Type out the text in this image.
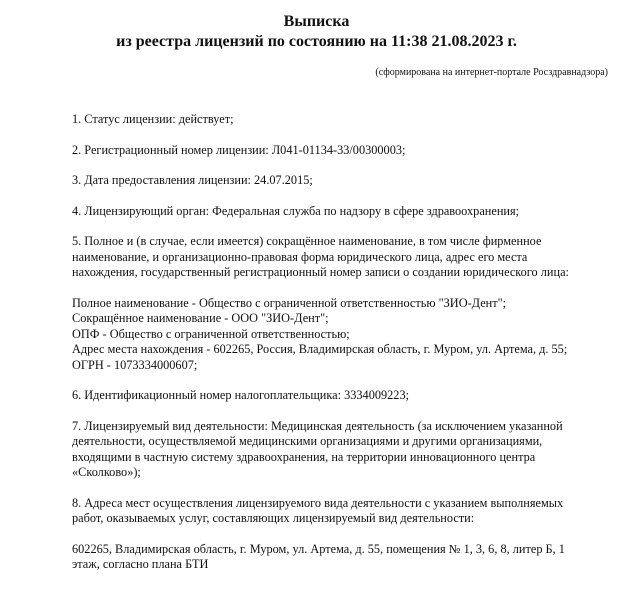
Выписка
из реестра лицензий по состоянию на 11:38 21.08.2023 г.
(сформирована на интернет-портале Росздравнадзора)

1. Статус лицензии: действует;

2. Регистрационный номер лицензии: Л041-01134-33/00300003;

3. Дата предоставления лицензии: 24.07.2015;

4. Лицензирующий орган: Федеральная служба по надзору в сфере здравоохранения;

5. Полное и (в случае, если имеется) сокращённое наименование, в том числе фирменное наименование, и организационно-правовая форма юридического лица, адрес его места нахождения, государственный регистрационный номер записи о создании юридического лица:

Полное наименование - Общество с ограниченной ответственностью "ЗИО-Дент";
Сокращённое наименование - ООО "ЗИО-Дент";
ОПФ - Общество с ограниченной ответственностью;
Адрес места нахождения - 602265, Россия, Владимирская область, г. Муром, ул. Артема, д. 55;
ОГРН - 1073334000607;

6. Идентификационный номер налогоплательщика: 3334009223;

7. Лицензируемый вид деятельности: Медицинская деятельность (за исключением указанной деятельности, осуществляемой медицинскими организациями и другими организациями, входящими в частную систему здравоохранения, на территории инновационного центра «Сколково»);

8. Адреса мест осуществления лицензируемого вида деятельности с указанием выполняемых работ, оказываемых услуг, составляющих лицензируемый вид деятельности:

602265, Владимирская область, г. Муром, ул. Артема, д. 55, помещения № 1, 3, 6, 8, литер Б, 1 этаж, согласно плана БТИ
